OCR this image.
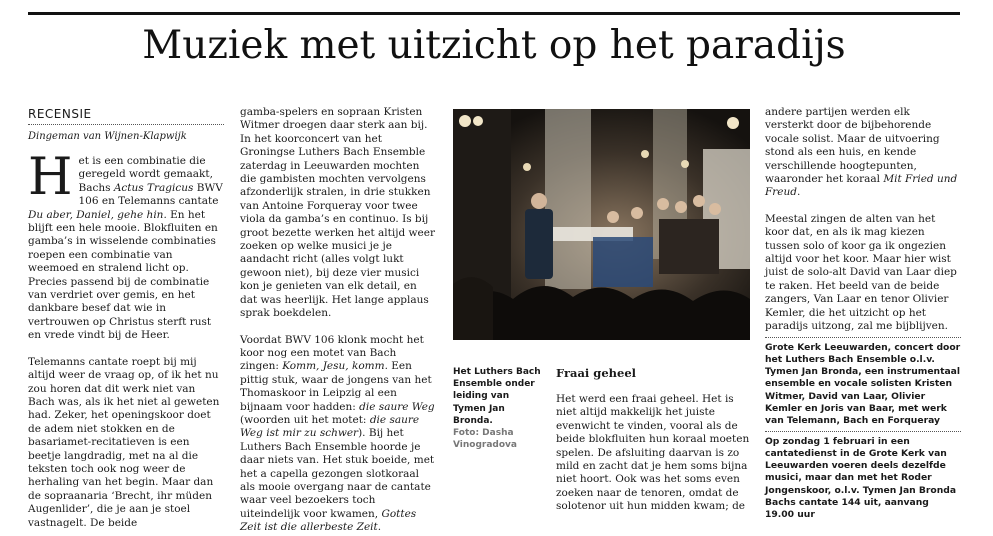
Muziek met uitzicht op het paradijs

RECENSIE

Dingeman van Wijnen-Klapwijk

Het is een combinatie die geregeld wordt gemaakt, Bachs Actus Tragicus BWV 106 en Telemanns cantate Du aber, Daniel, gehe hin. En het blijft een hele mooie. Blokfluiten en gamba’s in wisselende combinaties roepen een combinatie van weemoed en stralend licht op. Precies passend bij de combinatie van verdriet over gemis, en het dankbare besef dat wie in vertrouwen op Christus sterft rust en vrede vindt bij de Heer.

Telemanns cantate roept bij mij altijd weer de vraag op, of ik het nu zou horen dat dit werk niet van Bach was, als ik het niet al geweten had. Zeker, het openingskoor doet de adem niet stokken en de basariamet-recitatieven is een beetje langdradig, met na al die teksten toch ook nog weer de herhaling van het begin. Maar dan de sopraanaria ‘Brecht, ihr müden Augenlider’, die je aan je stoel vastnagelt. De beide

gamba-spelers en sopraan Kristen Witmer droegen daar sterk aan bij. In het koorconcert van het Groningse Luthers Bach Ensemble zaterdag in Leeuwarden mochten die gambisten mochten vervolgens afzonderlijk stralen, in drie stukken van Antoine Forqueray voor twee viola da gamba’s en continuo. Is bij groot bezette werken het altijd weer zoeken op welke musici je je aandacht richt (alles volgt lukt gewoon niet), bij deze vier musici kon je genieten van elk detail, en dat was heerlijk. Het lange applaus sprak boekdelen.

Voordat BWV 106 klonk mocht het koor nog een motet van Bach zingen: Komm, Jesu, komm. Een pittig stuk, waar de jongens van het Thomaskoor in Leipzig al een bijnaam voor hadden: die saure Weg (woorden uit het motet: die saure Weg ist mir zu schwer). Bij het Luthers Bach Ensemble hoorde je daar niets van. Het stuk boeide, met het a capella gezongen slotkoraal als mooie overgang naar de cantate waar veel bezoekers toch uiteindelijk voor kwamen, Gottes Zeit ist die allerbeste Zeit.

Het Luthers Bach Ensemble onder leiding van Tymen Jan Bronda.
Foto: Dasha Vinogradova

Fraai geheel

Het werd een fraai geheel. Het is niet altijd makkelijk het juiste evenwicht te vinden, vooral als de beide blokfluiten hun koraal moeten spelen. De afsluiting daarvan is zo mild en zacht dat je hem soms bijna niet hoort. Ook was het soms even zoeken naar de tenoren, omdat de solotenor uit hun midden kwam; de

andere partijen werden elk versterkt door de bijbehorende vocale solist. Maar de uitvoering stond als een huis, en kende verschillende hoogtepunten, waaronder het koraal Mit Fried und Freud.

Meestal zingen de alten van het koor dat, en als ik mag kiezen tussen solo of koor ga ik ongezien altijd voor het koor. Maar hier wist juist de solo-alt David van Laar diep te raken. Het beeld van de beide zangers, Van Laar en tenor Olivier Kemler, die het uitzicht op het paradijs uitzong, zal me bijblijven.

Grote Kerk Leeuwarden, concert door het Luthers Bach Ensemble o.l.v. Tymen Jan Bronda, een instrumentaal ensemble en vocale solisten Kristen Witmer, David van Laar, Olivier Kemler en Joris van Baar, met werk van Telemann, Bach en Forqueray

Op zondag 1 februari in een cantatedienst in de Grote Kerk van Leeuwarden voeren deels dezelfde musici, maar dan met het Roder Jongenskoor, o.l.v. Tymen Jan Bronda Bachs cantate 144 uit, aanvang 19.00 uur
